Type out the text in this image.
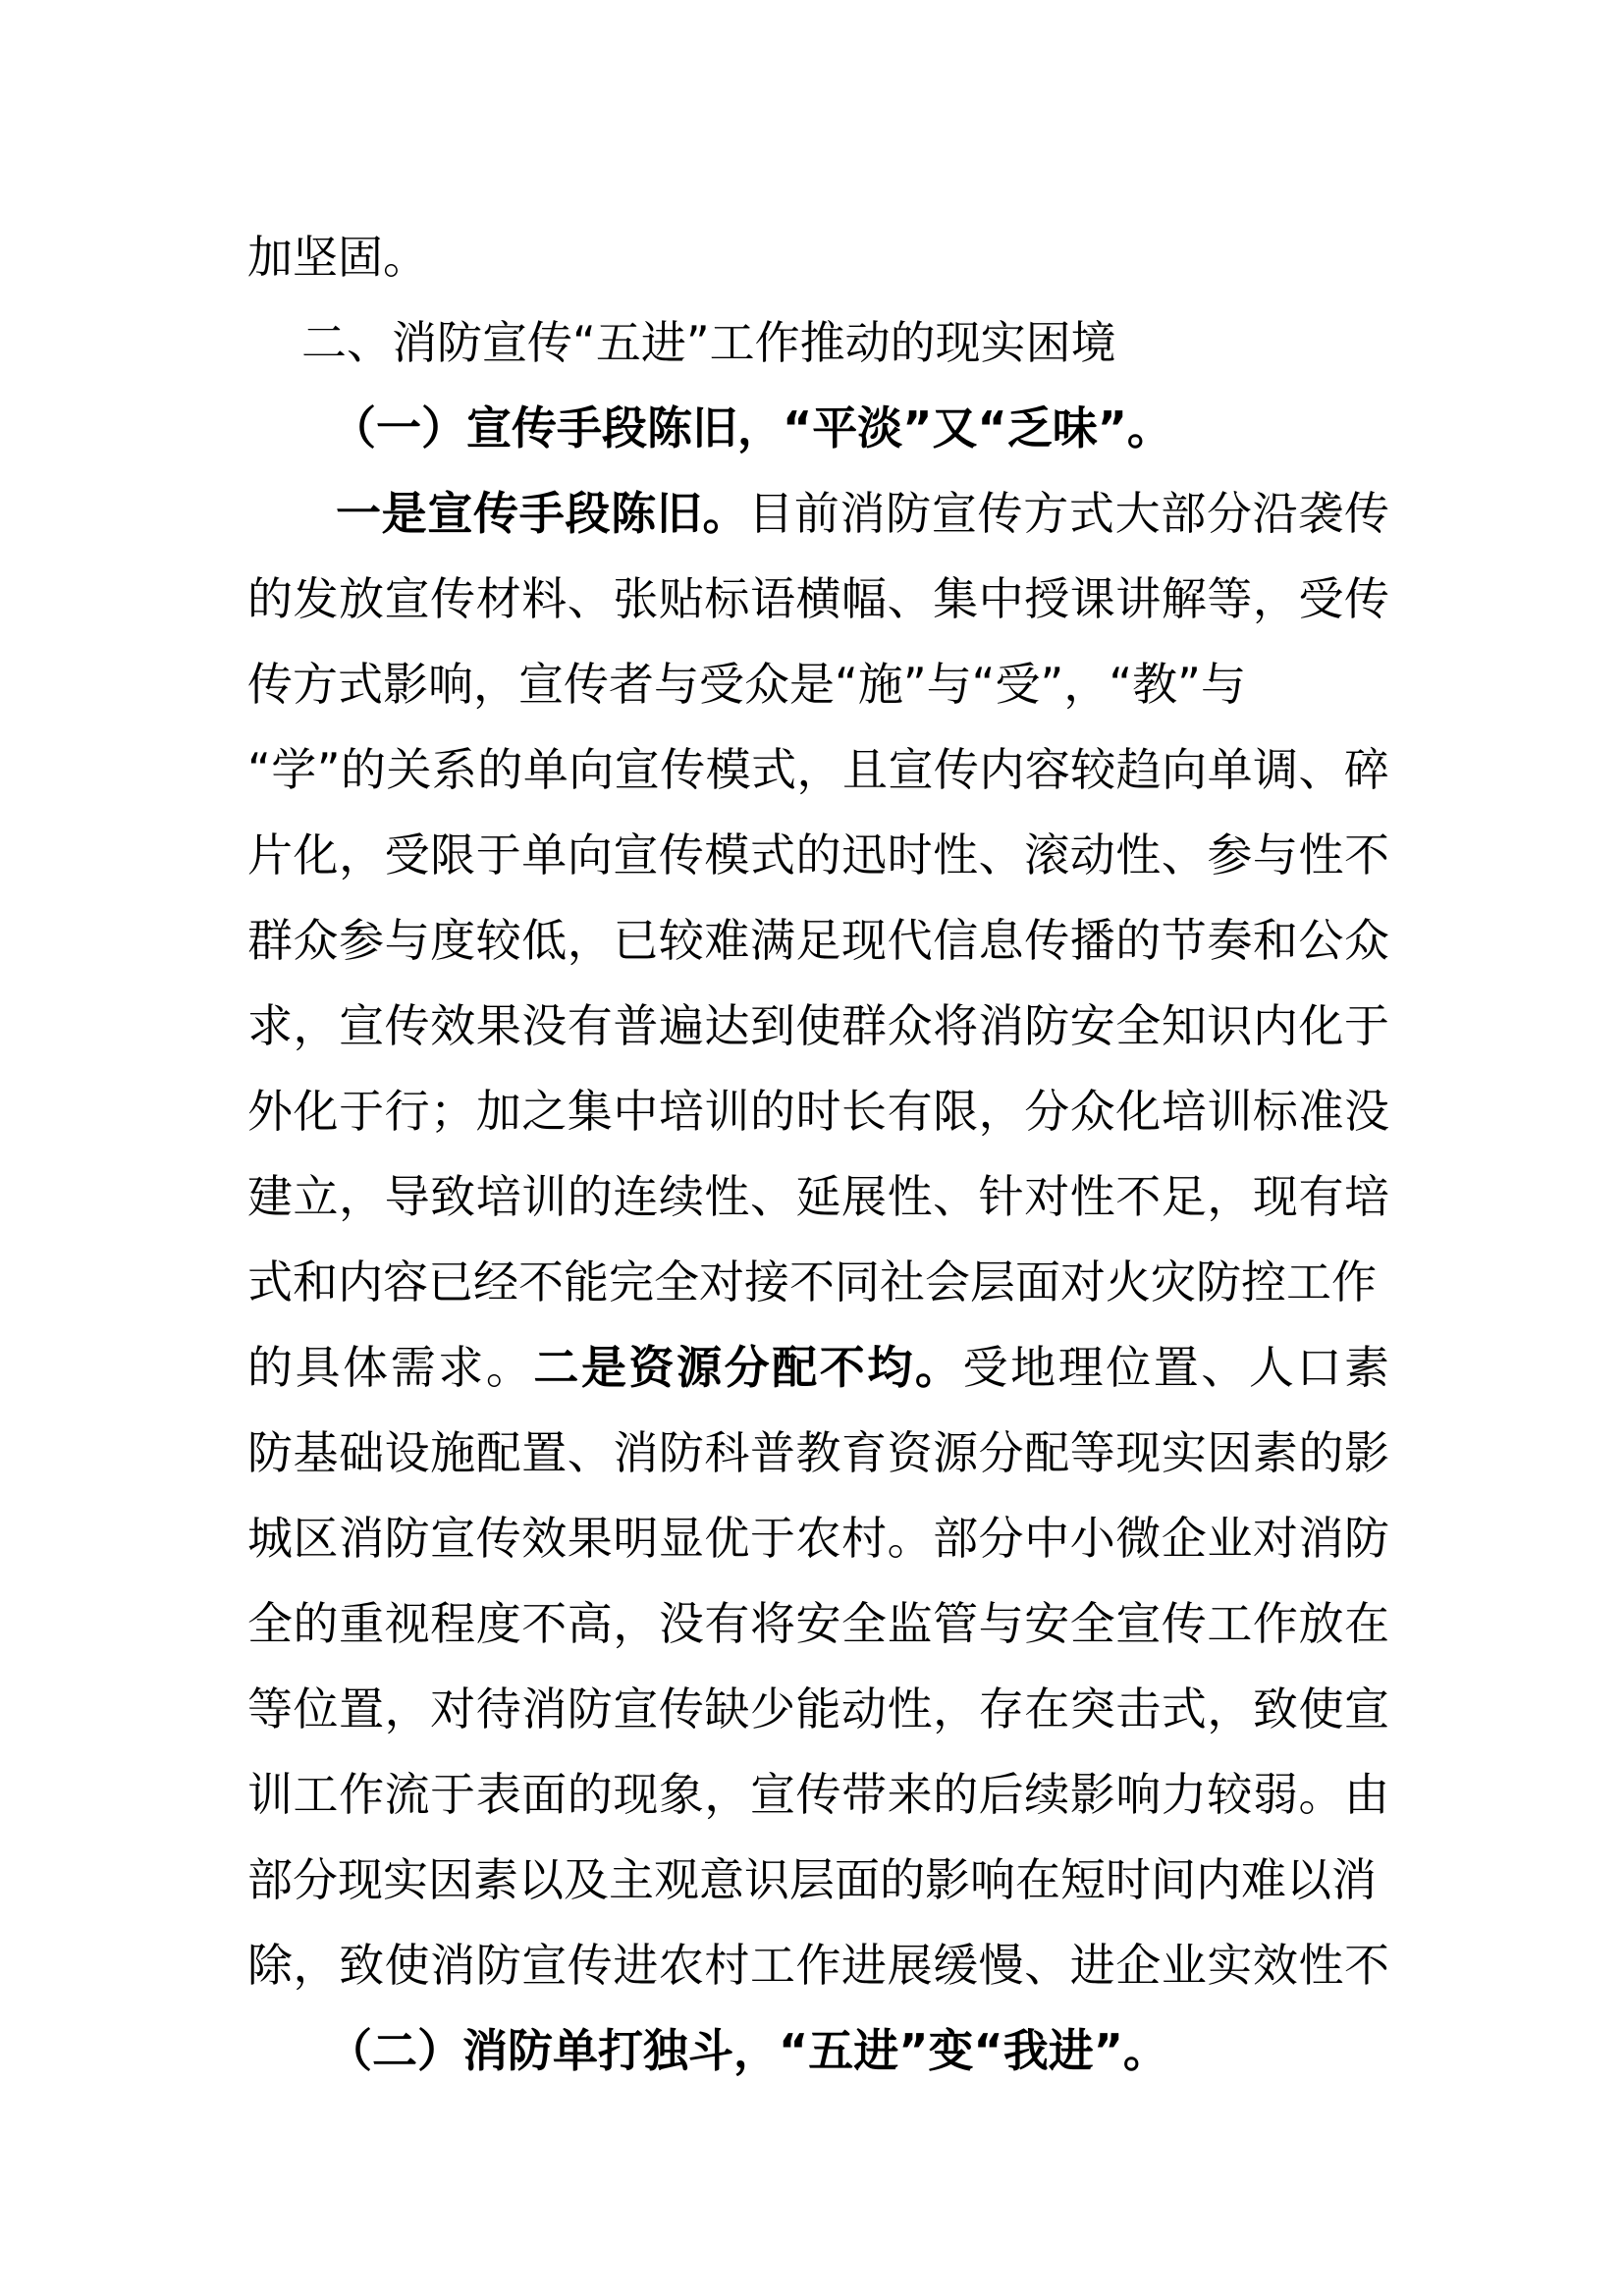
加坚固。
二、消防宣传“五进”工作推动的现实困境
（一）宣传手段陈旧，“平淡”又“乏味”。
一是宣传手段陈旧。目前消防宣传方式大部分沿袭传
的发放宣传材料、张贴标语横幅、集中授课讲解等，受传
传方式影响，宣传者与受众是“施”与“受”，“教”与
“学”的关系的单向宣传模式，且宣传内容较趋向单调、碎
片化，受限于单向宣传模式的迅时性、滚动性、参与性不
群众参与度较低，已较难满足现代信息传播的节奏和公众
求，宣传效果没有普遍达到使群众将消防安全知识内化于
外化于行；加之集中培训的时长有限，分众化培训标准没
建立，导致培训的连续性、延展性、针对性不足，现有培
式和内容已经不能完全对接不同社会层面对火灾防控工作
的具体需求。二是资源分配不均。受地理位置、人口素
防基础设施配置、消防科普教育资源分配等现实因素的影
城区消防宣传效果明显优于农村。部分中小微企业对消防
全的重视程度不高，没有将安全监管与安全宣传工作放在
等位置，对待消防宣传缺少能动性，存在突击式，致使宣
训工作流于表面的现象，宣传带来的后续影响力较弱。由
部分现实因素以及主观意识层面的影响在短时间内难以消
除，致使消防宣传进农村工作进展缓慢、进企业实效性不
（二）消防单打独斗，“五进”变“我进”。
